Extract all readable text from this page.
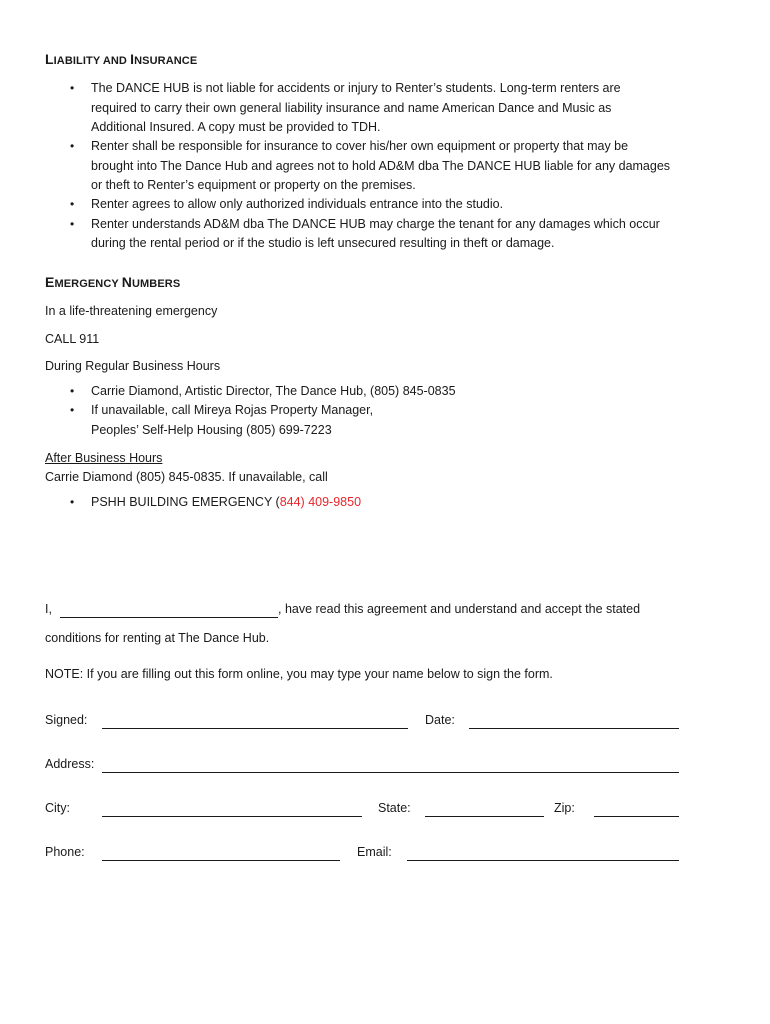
LIABILITY AND INSURANCE
• The DANCE HUB is not liable for accidents or injury to Renter’s students. Long-term renters are
required to carry their own general liability insurance and name American Dance and Music as
Additional Insured. A copy must be provided to TDH.
• Renter shall be responsible for insurance to cover his/her own equipment or property that may be
brought into The Dance Hub and agrees not to hold AD&M dba The DANCE HUB liable for any damages
or theft to Renter’s equipment or property on the premises.
• Renter agrees to allow only authorized individuals entrance into the studio.
• Renter understands AD&M dba The DANCE HUB may charge the tenant for any damages which occur
during the rental period or if the studio is left unsecured resulting in theft or damage.
EMERGENCY NUMBERS
In a life-threatening emergency
CALL 911
During Regular Business Hours
• Carrie Diamond, Artistic Director, The Dance Hub, (805) 845-0835
• If unavailable, call Mireya Rojas Property Manager,
Peoples’ Self-Help Housing (805) 699-7223
After Business Hours
Carrie Diamond (805) 845-0835. If unavailable, call
• PSHH BUILDING EMERGENCY (844) 409-9850
I,	, have read this agreement and understand and accept the stated
conditions for renting at The Dance Hub.
NOTE: If you are filling out this form online, you may type your name below to sign the form.
Signed:	Date:
Address:
City:	State:	Zip:
Phone:	Email:
